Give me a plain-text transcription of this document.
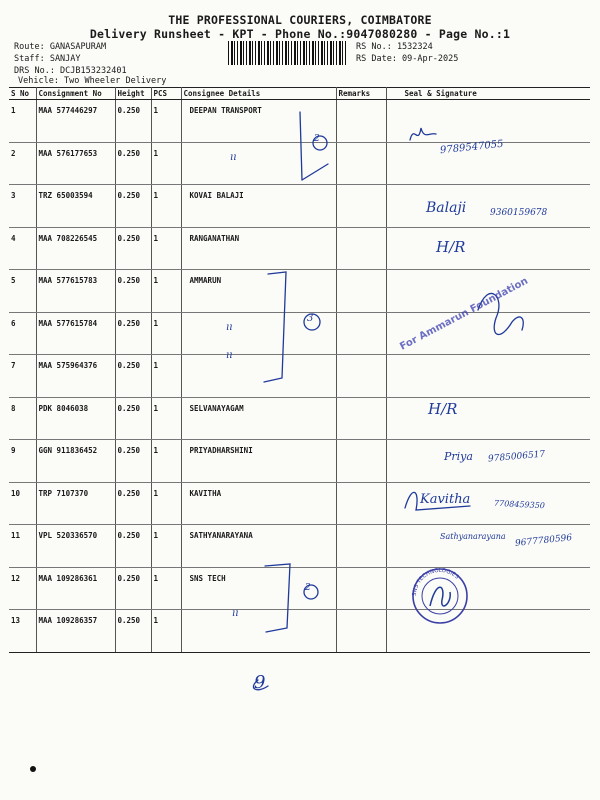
THE PROFESSIONAL COURIERS, COIMBATORE
Delivery Runsheet - KPT - Phone No.:9047080280 - Page No.:1
Route: GANASAPURAM
Staff: SANJAY
DRS No.: DCJB153232401
Vehicle: Two Wheeler Delivery
RS No.: 1532324
RS Date: 09-Apr-2025
S No	Consignment No	Height	PCS	Consignee Details	Remarks	Seal & Signature
1	MAA 577446297	0.250	1	DEEPAN TRANSPORT		
2	MAA 576177653	0.250	1			
3	TRZ 65003594	0.250	1	KOVAI BALAJI		
4	MAA 708226545	0.250	1	RANGANATHAN		
5	MAA 577615783	0.250	1	AMMARUN		
6	MAA 577615784	0.250	1			
7	MAA 575964376	0.250	1			
8	PDK 8046038	0.250	1	SELVANAYAGAM		
9	GGN 911836452	0.250	1	PRIYADHARSHINI		
10	TRP 7107370	0.250	1	KAVITHA		
11	VPL 520336570	0.250	1	SATHYANARAYANA		
12	MAA 109286361	0.250	1	SNS TECH		
13	MAA 109286357	0.250	1			
SNS TECHNOLOGIES
For Ammarun Foundation
2
3
2
ıı
ıı
ıı
ıı
9789547055
Balaji	9360159678
H/R
H/R
Priya 9785006517
Kavitha	7708459350
Sathyanarayana 9677780596
9
